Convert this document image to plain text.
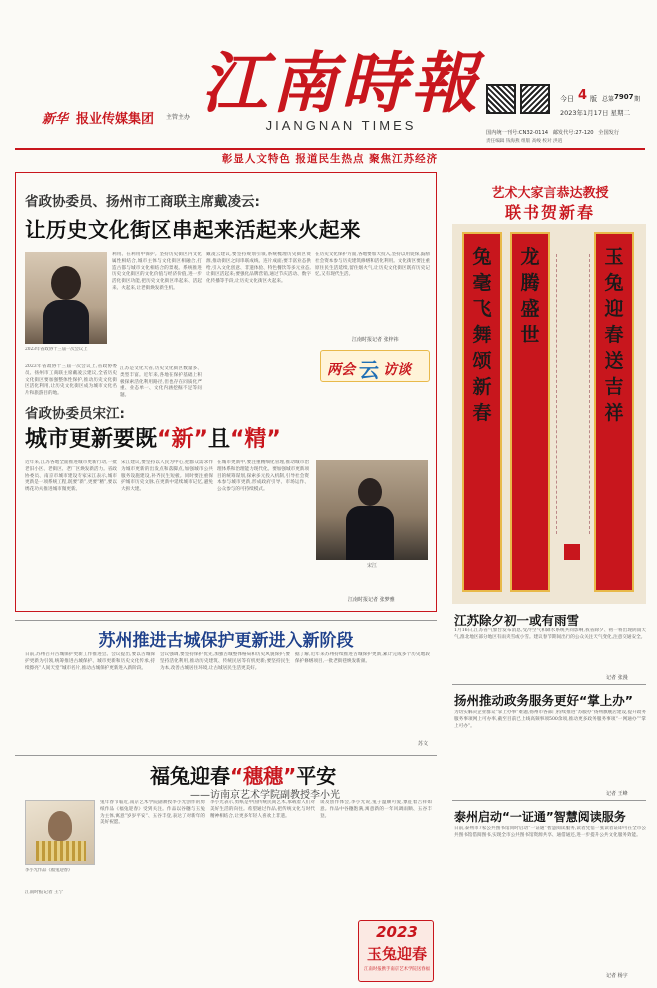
新华 报业传媒集团 主管主办 江南時報
JIANGNAN TIMES
今日 4 版 总第 7907 期
2023年1月17日 星期二
国内统一刊号:CN32-0114 邮发代号:27-120 全国发行
责任编辑 钱海燕 组版 高峻 校对 洪逍
彰显人文特色 报道民生热点 聚焦江苏经济
省政协委员、扬州市工商联主席戴凌云:
让历史文化街区串起来活起来火起来
2023年省政协十三届一次会议上
利用、在利用中保护。坚持历史街区内文化属性相结合,城市主体与文化街区相融合,打造古都与城市文化相结合的景观。系统推进历史文化街区的文化价值与经济价值,进一步活化街区功能,把历史文化街区串起来、活起来、火起来,让老街焕发新生机。
2023年省政协十三届一次会议上,省政协委员、扬州市工商联主席戴凌云建议,全省历史文化街区要加强整体性保护,推动历史文化街区活化利用,让历史文化街区成为城市文化名片和旅游目的地。
江苏是文化大省,历史文化街区数量多、类型丰富。近年来,各地在保护基础上积极探索活化利用路径,但也存在同质化严重、业态单一、文化内涵挖掘不足等问题。
戴凌云建议,要坚持规划引领,系统梳理历史街区资源,推动街区之间串联成线、连片成面;要丰富业态供给,引入文化创意、非遗体验、特色餐饮等多元业态,让街区活起来;要强化品牌营销,通过节庆活动、数字化传播等手段,让历史文化街区火起来。
在历史文化保护方面,各地要加大投入,坚持以用促保,鼓励社会资本参与历史建筑修缮和活化利用。文化街区要注重原住民生活延续,留住烟火气,让历史文化街区既有历史记忆,又有现代生活。
江南时报记者 张梓祎
两会 云 访谈
省政协委员宋江:
城市更新要既“新”且“精”
近年来,江苏各地全面推进城市更新行动,一批老旧小区、老街区、老厂区焕发新活力。省政协委员、南京市城市建设专家宋江表示,城市更新是一项系统工程,既要“新”,更要“精”,要以绣花功夫推进城市微更新。
宋江建议,要坚持以人民为中心,把群众需求作为城市更新的出发点和落脚点,加强城市公共服务设施建设,补齐民生短板。同时要注重保护城市历史文脉,在更新中延续城市记忆,避免大拆大建。
在城市更新中,要注重精细化管理,推动城市治理体系和治理能力现代化。要加强城市更新项目的统筹谋划,探索多元投入机制,引导社会资本参与城市更新,形成政府引导、市场运作、公众参与的可持续模式。
宋江
江南时报记者 张梦雅
艺术大家言恭达教授
联书贺新春
兔毫飞舞颂新春
龙腾盛世
玉兔迎春送吉祥
江苏除夕初一或有雨雪
1月16日,江苏省气象台发布消息,受冷空气和降水系统共同影响,我省除夕、初一将出现阴雨天气,淮北地区部分地区有雨夹雪或小雪。建议春节期间出行的公众关注天气变化,注意交通安全。
记者 张漫
扬州推动政务服务更好“掌上办”
为切实解决企业群众“掌上办事”难题,扬州市各部门持续推进“苏服办”扬州旗舰店建设,提升政务服务事项网上可办率,截至目前已上线高频事项500余项,推动更多政务服务事项“一网通办”“掌上可办”。
记者 王峰
泰州启动“一证通”智慧阅读服务
日前,泰州市7家公共图书馆同时启动“一证通”智慧阅读服务,读者凭借一张读者证即可在全市公共图书馆借阅图书,实现全市公共图书馆资源共享、通借通还,进一步提升公共文化服务效能。
记者 杨宇
苏州推进古城保护更新进入新阶段
日前,苏州召开古城保护更新工作推进会。会议提出,要以古城保护更新为引领,统筹推进古城保护、城市更新和历史文化传承,持续擦亮“人间天堂”城市名片,推动古城保护更新进入新阶段。
会议强调,要坚持保护优先,加强古城整体格局和历史风貌保护;要坚持活化利用,推动历史建筑、传统民居等有机更新;要坚持民生为本,改善古城居住环境,让古城居民生活更美好。
据了解,近年来苏州持续推进古城保护更新,累计完成多个历史地段保护修缮项目,一批老街巷焕发新颜。
苏文
福兔迎春“穗穗”平安
——访南京艺术学院副教授李小光
李小光作品《福兔迎春》
兔年春节临近,南京艺术学院副教授李小光创作的剪纸作品《福兔迎春》受到关注。作品以谷穗与玉兔为主体,寓意“岁岁平安”、五谷丰登,表达了对新年的美好祝愿。
李小光表示,剪纸是中国传统民间艺术,承载着人们对美好生活的向往。希望通过作品,把传统文化与时代精神相结合,让更多年轻人喜欢上非遗。
谈及创作体会,李小光说,兔子温顺可爱,象征着吉祥如意。作品中谷穗饱满,寓意新的一年风调雨顺、五谷丰登。
江南时报记者 王宁
2023
玉兔迎春
江南时报携手南京艺术学院送春福
